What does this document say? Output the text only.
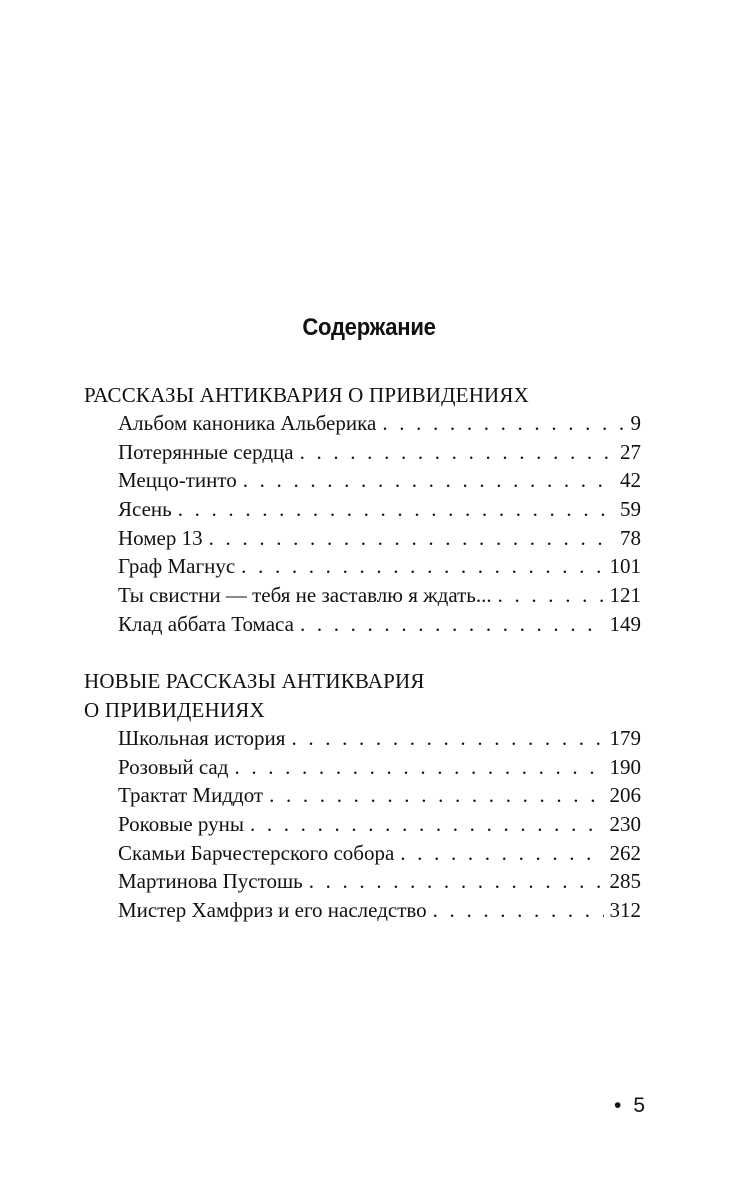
Содержание
РАССКАЗЫ АНТИКВАРИЯ О ПРИВИДЕНИЯХ
Альбом каноника Альберика . . .	9
Потерянные сердца . . .	27
Меццо-тинто . . .	42
Ясень . . .	59
Номер 13 . . .	78
Граф Магнус . . .	101
Ты свистни — тебя не заставлю я ждать... . . .	121
Клад аббата Томаса . . .	149
НОВЫЕ РАССКАЗЫ АНТИКВАРИЯ
О ПРИВИДЕНИЯХ
Школьная история . . .	179
Розовый сад . . .	190
Трактат Миддот . . .	206
Роковые руны . . .	230
Скамьи Барчестерского собора . . .	262
Мартинова Пустошь . . .	285
Мистер Хамфриз и его наследство . . .	312
• 5
